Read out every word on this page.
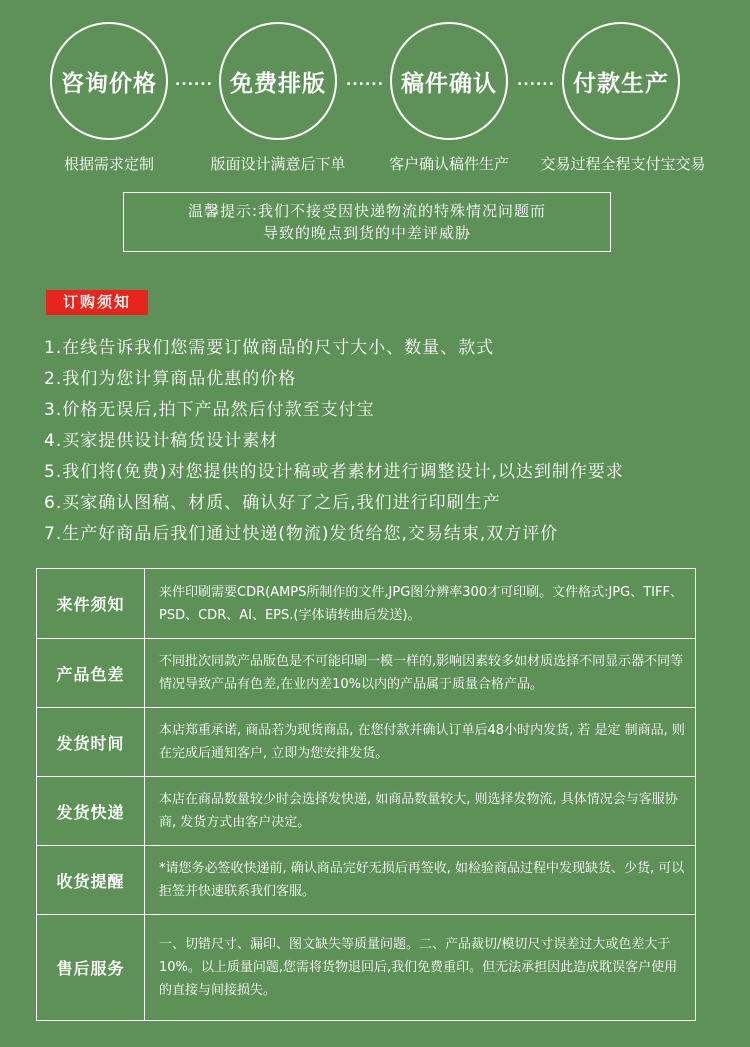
咨询价格	免费排版	稿件确认	付款生产
......	......	......
根据需求定制	版面设计满意后下单	客户确认稿件生产	交易过程全程支付宝交易
温馨提示:我们不接受因快递物流的特殊情况问题而
导致的晚点到货的中差评威胁
订购须知
1.在线告诉我们您需要订做商品的尺寸大小、数量、款式
2.我们为您计算商品优惠的价格
3.价格无误后,拍下产品然后付款至支付宝
4.买家提供设计稿货设计素材
5.我们将(免费)对您提供的设计稿或者素材进行调整设计,以达到制作要求
6.买家确认图稿、材质、确认好了之后,我们进行印刷生产
7.生产好商品后我们通过快递(物流)发货给您,交易结束,双方评价
来件须知	来件印刷需要CDR(AMPS所制作的文件,JPG图分辨率300才可印刷。文件格式:JPG、TIFF、PSD、CDR、AI、EPS.(字体请转曲后发送)。
产品色差	不同批次同款产品版色是不可能印刷一模一样的,影响因素较多如材质选择不同显示器不同等情况导致产品有色差,在业内差10%以内的产品属于质量合格产品。
发货时间	本店郑重承诺, 商品若为现货商品, 在您付款并确认订单后48小时内发货, 若 是定 制商品, 则在完成后通知客户, 立即为您安排发货。
发货快递	本店在商品数量较少时会选择发快递, 如商品数量较大, 则选择发物流, 具体情况会与客服协商, 发货方式由客户决定。
收货提醒	*请您务必签收快递前, 确认商品完好无损后再签收, 如检验商品过程中发现缺货、少货, 可以拒签并快速联系我们客服。
售后服务	一、切错尺寸、漏印、图文缺失等质量问题。二、产品裁切/模切尺寸误差过大或色差大于10%。以上质量问题,您需将货物退回后,我们免费重印。但无法承担因此造成耽误客户使用的直接与间接损失。
